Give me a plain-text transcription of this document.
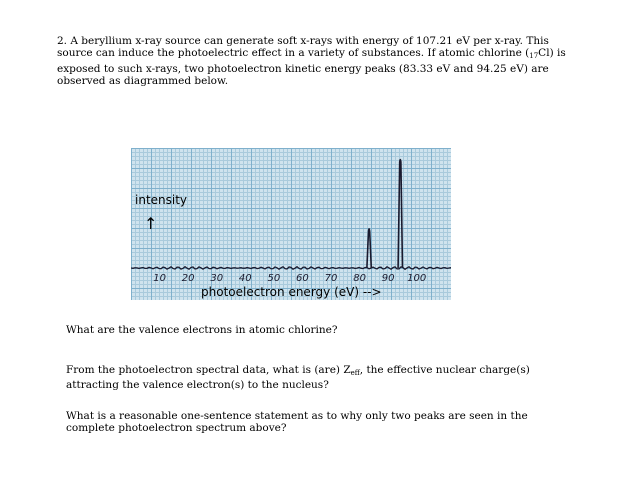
2. A beryllium x-ray source can generate soft x-rays with energy of 107.21 eV per x-ray. This source can induce the photoelectric effect in a variety of substances. If atomic chlorine $(_{17}Cl)$ is exposed to such x-rays, two photoelectron kinetic energy peaks (83.33 eV and 94.25 eV) are observed as diagrammed below.
10 20 30 40 50 60 70 80 90 100
intensity
↑
photoelectron energy (eV) -->
What are the valence electrons in atomic chlorine?
From the photoelectron spectral data, what is (are) $Z_{eff}$, the effective nuclear charge(s) attracting the valence electron(s) to the nucleus?
What is a reasonable one-sentence statement as to why only two peaks are seen in the complete photoelectron spectrum above?
